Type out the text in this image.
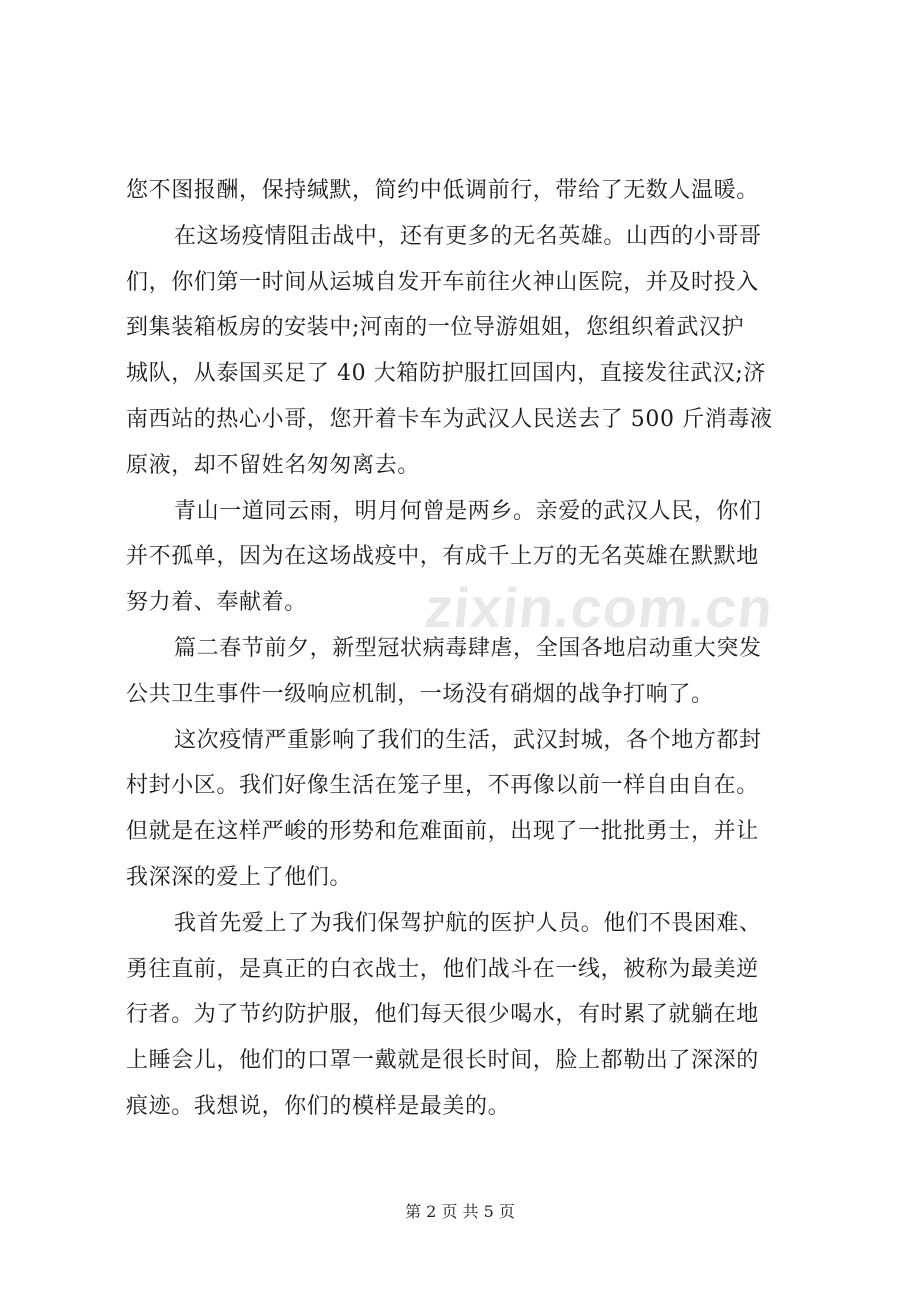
您不图报酬，保持缄默，简约中低调前行，带给了无数人温暖。
在这场疫情阻击战中，还有更多的无名英雄。山西的小哥哥
们，你们第一时间从运城自发开车前往火神山医院，并及时投入
到集装箱板房的安装中;河南的一位导游姐姐，您组织着武汉护
城队，从泰国买足了 40 大箱防护服扛回国内，直接发往武汉;济
南西站的热心小哥，您开着卡车为武汉人民送去了 500 斤消毒液
原液，却不留姓名匆匆离去。
青山一道同云雨，明月何曾是两乡。亲爱的武汉人民，你们
并不孤单，因为在这场战疫中，有成千上万的无名英雄在默默地
努力着、奉献着。
篇二春节前夕，新型冠状病毒肆虐，全国各地启动重大突发
公共卫生事件一级响应机制，一场没有硝烟的战争打响了。
这次疫情严重影响了我们的生活，武汉封城，各个地方都封
村封小区。我们好像生活在笼子里，不再像以前一样自由自在。
但就是在这样严峻的形势和危难面前，出现了一批批勇士，并让
我深深的爱上了他们。
我首先爱上了为我们保驾护航的医护人员。他们不畏困难、
勇往直前，是真正的白衣战士，他们战斗在一线，被称为最美逆
行者。为了节约防护服，他们每天很少喝水，有时累了就躺在地
上睡会儿，他们的口罩一戴就是很长时间，脸上都勒出了深深的
痕迹。我想说，你们的模样是最美的。
zixin.com.cn
第 2 页 共 5 页
